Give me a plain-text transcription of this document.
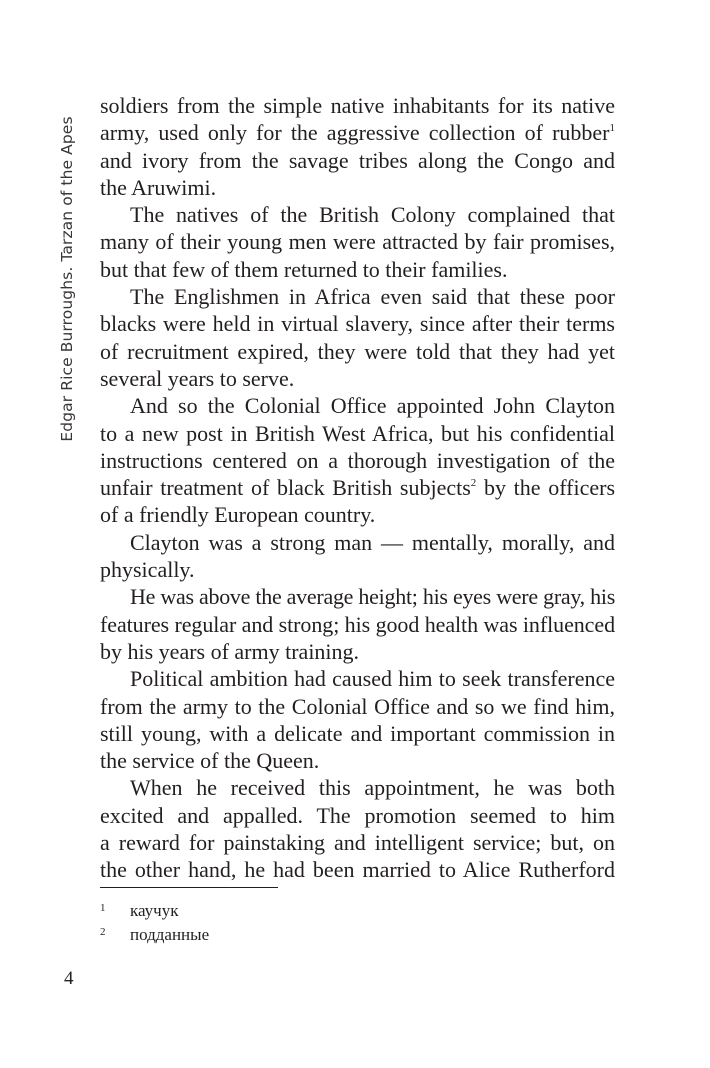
Edgar Rice Burroughs. Tarzan of the Apes
soldiers from the simple native inhabitants for its native
army, used only for the aggressive collection of rubber$^1$
and ivory from the savage tribes along the Congo and
the Aruwimi.
The natives of the British Colony complained that
many of their young men were attracted by fair promises,
but that few of them returned to their families.
The Englishmen in Africa even said that these poor
blacks were held in virtual slavery, since after their terms
of recruitment expired, they were told that they had yet
several years to serve.
And so the Colonial Office appointed John Clayton
to a new post in British West Africa, but his confidential
instructions centered on a thorough investigation of the
unfair treatment of black British subjects$^2$ by the officers
of a friendly European country.
Clayton was a strong man — mentally, morally, and
physically.
He was above the average height; his eyes were gray, his
features regular and strong; his good health was influenced
by his years of army training.
Political ambition had caused him to seek transference
from the army to the Colonial Office and so we find him,
still young, with a delicate and important commission in
the service of the Queen.
When he received this appointment, he was both
excited and appalled. The promotion seemed to him
a reward for painstaking and intelligent service; but, on
the other hand, he had been married to Alice Rutherford
1	каучук
2	подданные
4
